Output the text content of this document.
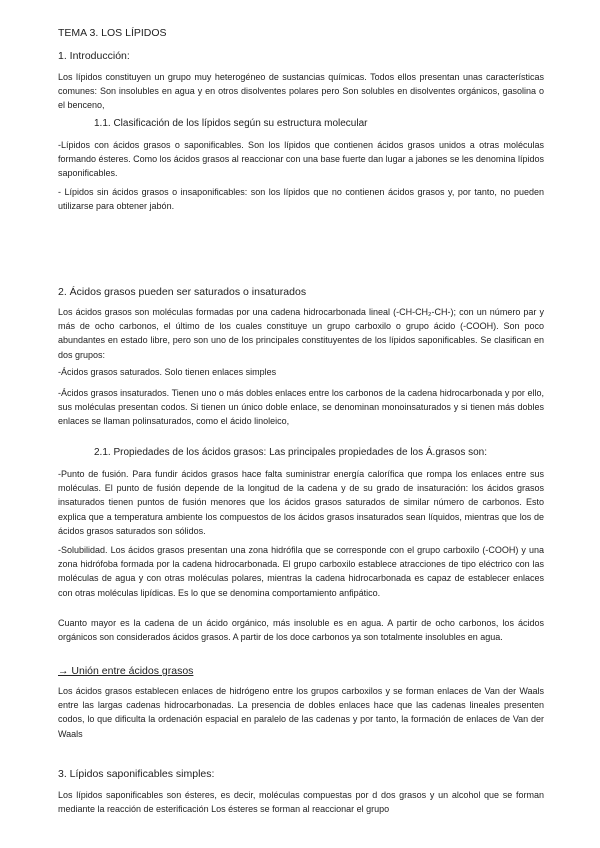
TEMA 3. LOS LÍPIDOS
1. Introducción:
Los lípidos constituyen un grupo muy heterogéneo de sustancias químicas. Todos ellos presentan unas características comunes: Son insolubles en agua y en otros disolventes polares pero Son solubles en disolventes orgánicos, gasolina o el benceno,
1.1. Clasificación de los lípidos según su estructura molecular
-Lípidos con ácidos grasos o saponificables. Son los lípidos que contienen ácidos grasos unidos a otras moléculas formando ésteres. Como los ácidos grasos al reaccionar con una base fuerte dan lugar a jabones se les denomina lípidos saponificables.
- Lípidos sin ácidos grasos o insaponificables: son los lípidos que no contienen ácidos grasos y, por tanto, no pueden utilizarse para obtener jabón.
2. Ácidos grasos pueden ser saturados o insaturados
Los ácidos grasos son moléculas formadas por una cadena hidrocarbonada lineal (-CH-CH₂-CH-); con un número par y más de ocho carbonos, el último de los cuales constituye un grupo carboxilo o grupo ácido (-COOH). Son poco abundantes en estado libre, pero son uno de los principales constituyentes de los lípidos saponificables. Se clasifican en dos grupos:
-Ácidos grasos saturados. Solo tienen enlaces simples
-Ácidos grasos insaturados. Tienen uno o más dobles enlaces entre los carbonos de la cadena hidrocarbonada y por ello, sus moléculas presentan codos. Si tienen un único doble enlace, se denominan monoinsaturados y si tienen más dobles enlaces se llaman polinsaturados, como el ácido linoleico,
2.1. Propiedades de los ácidos grasos: Las principales propiedades de los Á.grasos son:
-Punto de fusión. Para fundir ácidos grasos hace falta suministrar energía calorífica que rompa los enlaces entre sus moléculas. El punto de fusión depende de la longitud de la cadena y de su grado de insaturación: los ácidos grasos insaturados tienen puntos de fusión menores que los ácidos grasos saturados de similar número de carbonos. Esto explica que a temperatura ambiente los compuestos de los ácidos grasos insaturados sean líquidos, mientras que los de ácidos grasos saturados son sólidos.
-Solubilidad. Los ácidos grasos presentan una zona hidrófila que se corresponde con el grupo carboxilo (-COOH) y una zona hidrófoba formada por la cadena hidrocarbonada. El grupo carboxilo establece atracciones de tipo eléctrico con las moléculas de agua y con otras moléculas polares, mientras la cadena hidrocarbonada es capaz de establecer enlaces con otras moléculas lipídicas. Es lo que se denomina comportamiento anfipático.
Cuanto mayor es la cadena de un ácido orgánico, más insoluble es en agua. A partir de ocho carbonos, los ácidos orgánicos son considerados ácidos grasos. A partir de los doce carbonos ya son totalmente insolubles en agua.
→ Unión entre ácidos grasos
Los ácidos grasos establecen enlaces de hidrógeno entre los grupos carboxilos y se forman enlaces de Van der Waals entre las largas cadenas hidrocarbonadas. La presencia de dobles enlaces hace que las cadenas lineales presenten codos, lo que dificulta la ordenación espacial en paralelo de las cadenas y por tanto, la formación de enlaces de Van der Waals
3. Lípidos saponificables simples:
Los lípidos saponificables son ésteres, es decir, moléculas compuestas por d dos grasos y un alcohol que se forman mediante la reacción de esterificación Los ésteres se forman al reaccionar el grupo
